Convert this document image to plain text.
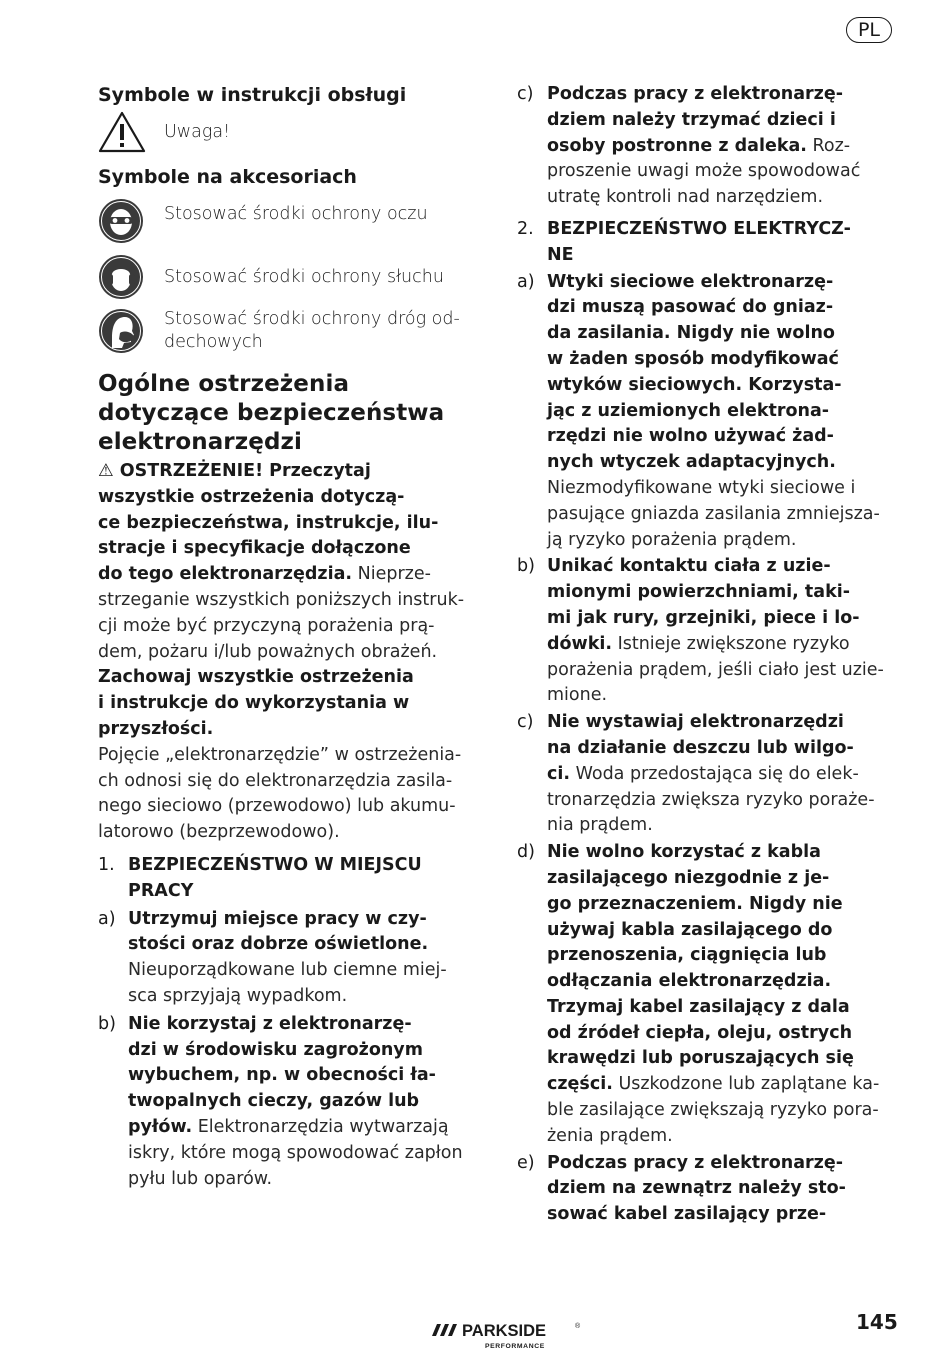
PL

Symbole w instrukcji obsługi

Uwaga!

Symbole na akcesoriach

Stosować środki ochrony oczu
Stosować środki ochrony słuchu
Stosować środki ochrony dróg od-
dechowych
Ogólne ostrzeżenia
dotyczące bezpieczeństwa
elektronarzędzi
⚠ OSTRZEŻENIE! Przeczytaj
wszystkie ostrzeżenia dotyczą-
ce bezpieczeństwa, instrukcje, ilu-
stracje i specyfikacje dołączone
do tego elektronarzędzia. Nieprze-
strzeganie wszystkich poniższych instruk-
cji może być przyczyną porażenia prą-
dem, pożaru i/lub poważnych obrażeń.
Zachowaj wszystkie ostrzeżenia
i instrukcje do wykorzystania w
przyszłości.
Pojęcie „elektronarzędzie” w ostrzeżenia-
ch odnosi się do elektronarzędzia zasila-
nego sieciowo (przewodowo) lub akumu-
latorowo (bezprzewodowo).
1. BEZPIECZEŃSTWO W MIEJSCU
PRACY
a) Utrzymuj miejsce pracy w czy-
stości oraz dobrze oświetlone.
Nieuporządkowane lub ciemne miej-
sca sprzyjają wypadkom.
b) Nie korzystaj z elektronarzę-
dzi w środowisku zagrożonym
wybuchem, np. w obecności ła-
twopalnych cieczy, gazów lub
pyłów. Elektronarzędzia wytwarzają
iskry, które mogą spowodować zapłon
pyłu lub oparów.
c) Podczas pracy z elektronarzę-
dziem należy trzymać dzieci i
osoby postronne z daleka. Roz-
proszenie uwagi może spowodować
utratę kontroli nad narzędziem.
2. BEZPIECZEŃSTWO ELEKTRYCZ-
NE
a) Wtyki sieciowe elektronarzę-
dzi muszą pasować do gniaz-
da zasilania. Nigdy nie wolno
w żaden sposób modyfikować
wtyków sieciowych. Korzysta-
jąc z uziemionych elektrona-
rzędzi nie wolno używać żad-
nych wtyczek adaptacyjnych.
Niezmodyfikowane wtyki sieciowe i
pasujące gniazda zasilania zmniejsza-
ją ryzyko porażenia prądem.
b) Unikać kontaktu ciała z uzie-
mionymi powierzchniami, taki-
mi jak rury, grzejniki, piece i lo-
dówki. Istnieje zwiększone ryzyko
porażenia prądem, jeśli ciało jest uzie-
mione.
c) Nie wystawiaj elektronarzędzi
na działanie deszczu lub wilgo-
ci. Woda przedostająca się do elek-
tronarzędzia zwiększa ryzyko poraże-
nia prądem.
d) Nie wolno korzystać z kabla
zasilającego niezgodnie z je-
go przeznaczeniem. Nigdy nie
używaj kabla zasilającego do
przenoszenia, ciągnięcia lub
odłączania elektronarzędzia.
Trzymaj kabel zasilający z dala
od źródeł ciepła, oleju, ostrych
krawędzi lub poruszających się
części. Uszkodzone lub zaplątane ka-
ble zasilające zwiększają ryzyko pora-
żenia prądem.
e) Podczas pracy z elektronarzę-
dziem na zewnątrz należy sto-
sować kabel zasilający prze-
PARKSIDE	®
PERFORMANCE
145
